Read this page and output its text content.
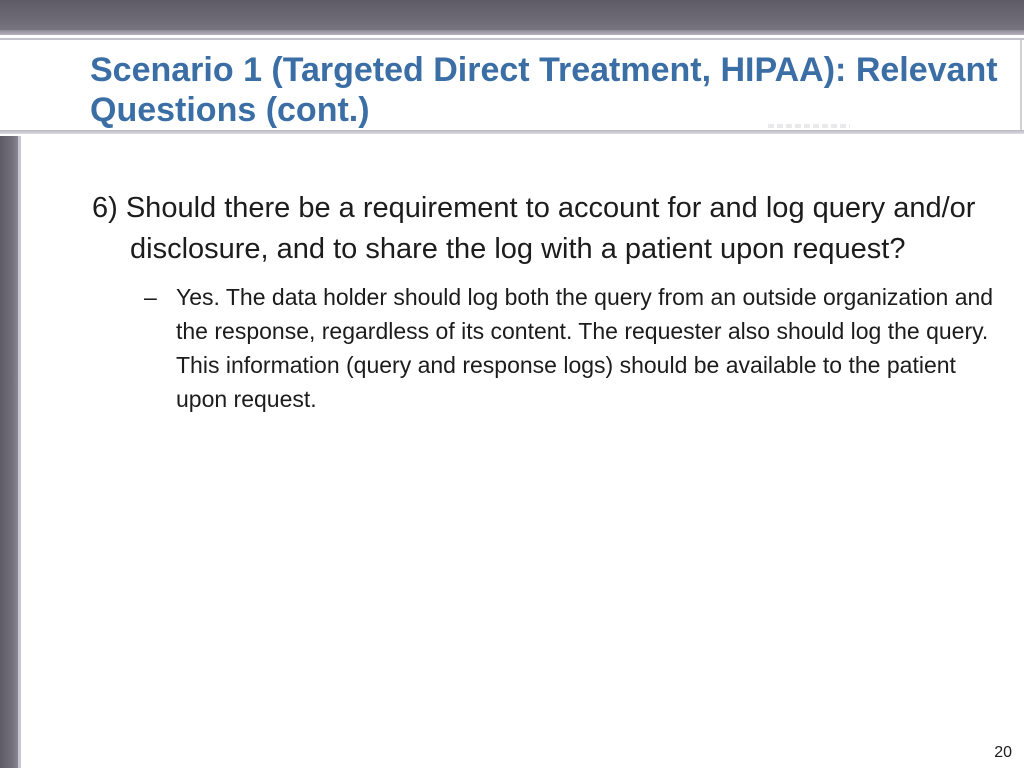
Scenario 1 (Targeted Direct Treatment, HIPAA): Relevant Questions (cont.)

6) Should there be a requirement to account for and log query and/or disclosure, and to share the log with a patient upon request?

– Yes. The data holder should log both the query from an outside organization and the response, regardless of its content. The requester also should log the query. This information (query and response logs) should be available to the patient upon request.
20
